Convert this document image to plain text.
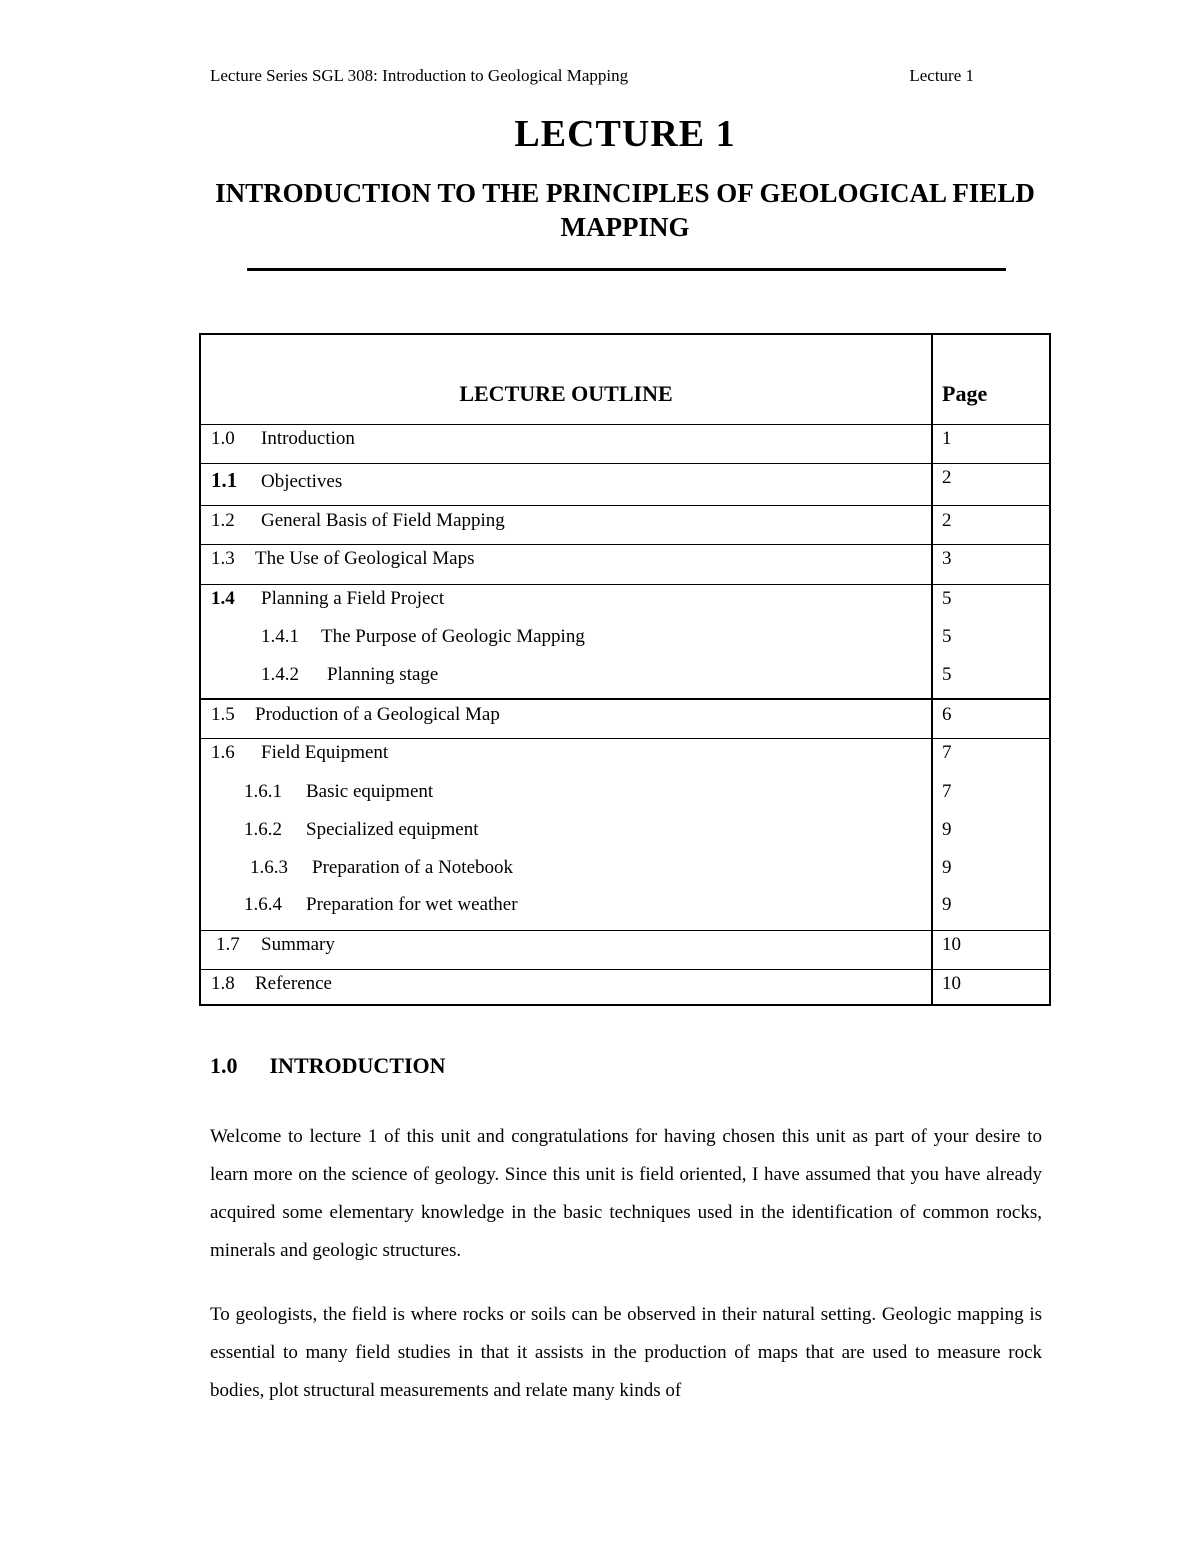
Lecture Series SGL 308: Introduction to Geological Mapping	Lecture 1
LECTURE 1
INTRODUCTION TO THE PRINCIPLES OF GEOLOGICAL FIELD MAPPING
LECTURE OUTLINE	Page
1.0 Introduction	1
1.1 Objectives	2
1.2 General Basis of Field Mapping	2
1.3 The Use of Geological Maps	3
1.4 Planning a Field Project	5
1.4.1 The Purpose of Geologic Mapping	5
1.4.2 Planning stage	5
1.5 Production of a Geological Map	6
1.6 Field Equipment	7
1.6.1 Basic equipment	7
1.6.2 Specialized equipment	9
1.6.3 Preparation of a Notebook	9
1.6.4 Preparation for wet weather	9
1.7 Summary	10
1.8 Reference	10
1.0 INTRODUCTION

Welcome to lecture 1 of this unit and congratulations for having chosen this unit as part of your desire to learn more on the science of geology. Since this unit is field oriented, I have assumed that you have already acquired some elementary knowledge in the basic techniques used in the identification of common rocks, minerals and geologic structures.

To geologists, the field is where rocks or soils can be observed in their natural setting. Geologic mapping is essential to many field studies in that it assists in the production of maps that are used to measure rock bodies, plot structural measurements and relate many kinds of
